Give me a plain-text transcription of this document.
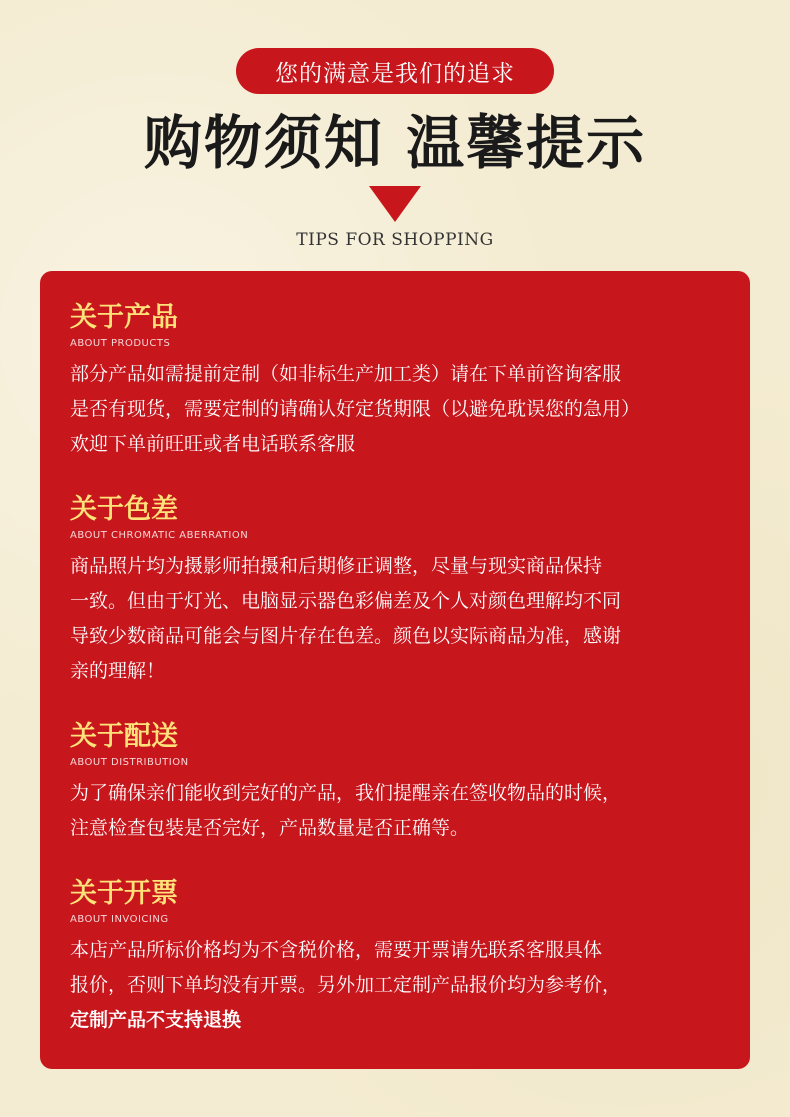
您的满意是我们的追求
购物须知 温馨提示
TIPS FOR SHOPPING
关于产品
ABOUT PRODUCTS

部分产品如需提前定制（如非标生产加工类）请在下单前咨询客服

是否有现货，需要定制的请确认好定货期限（以避免耽误您的急用）

欢迎下单前旺旺或者电话联系客服

关于色差
ABOUT CHROMATIC ABERRATION

商品照片均为摄影师拍摄和后期修正调整，尽量与现实商品保持

一致。但由于灯光、电脑显示器色彩偏差及个人对颜色理解均不同

导致少数商品可能会与图片存在色差。颜色以实际商品为准，感谢

亲的理解！

关于配送
ABOUT DISTRIBUTION

为了确保亲们能收到完好的产品，我们提醒亲在签收物品的时候，

注意检查包装是否完好，产品数量是否正确等。

关于开票
ABOUT INVOICING

本店产品所标价格均为不含税价格，需要开票请先联系客服具体

报价，否则下单均没有开票。另外加工定制产品报价均为参考价，

定制产品不支持退换
